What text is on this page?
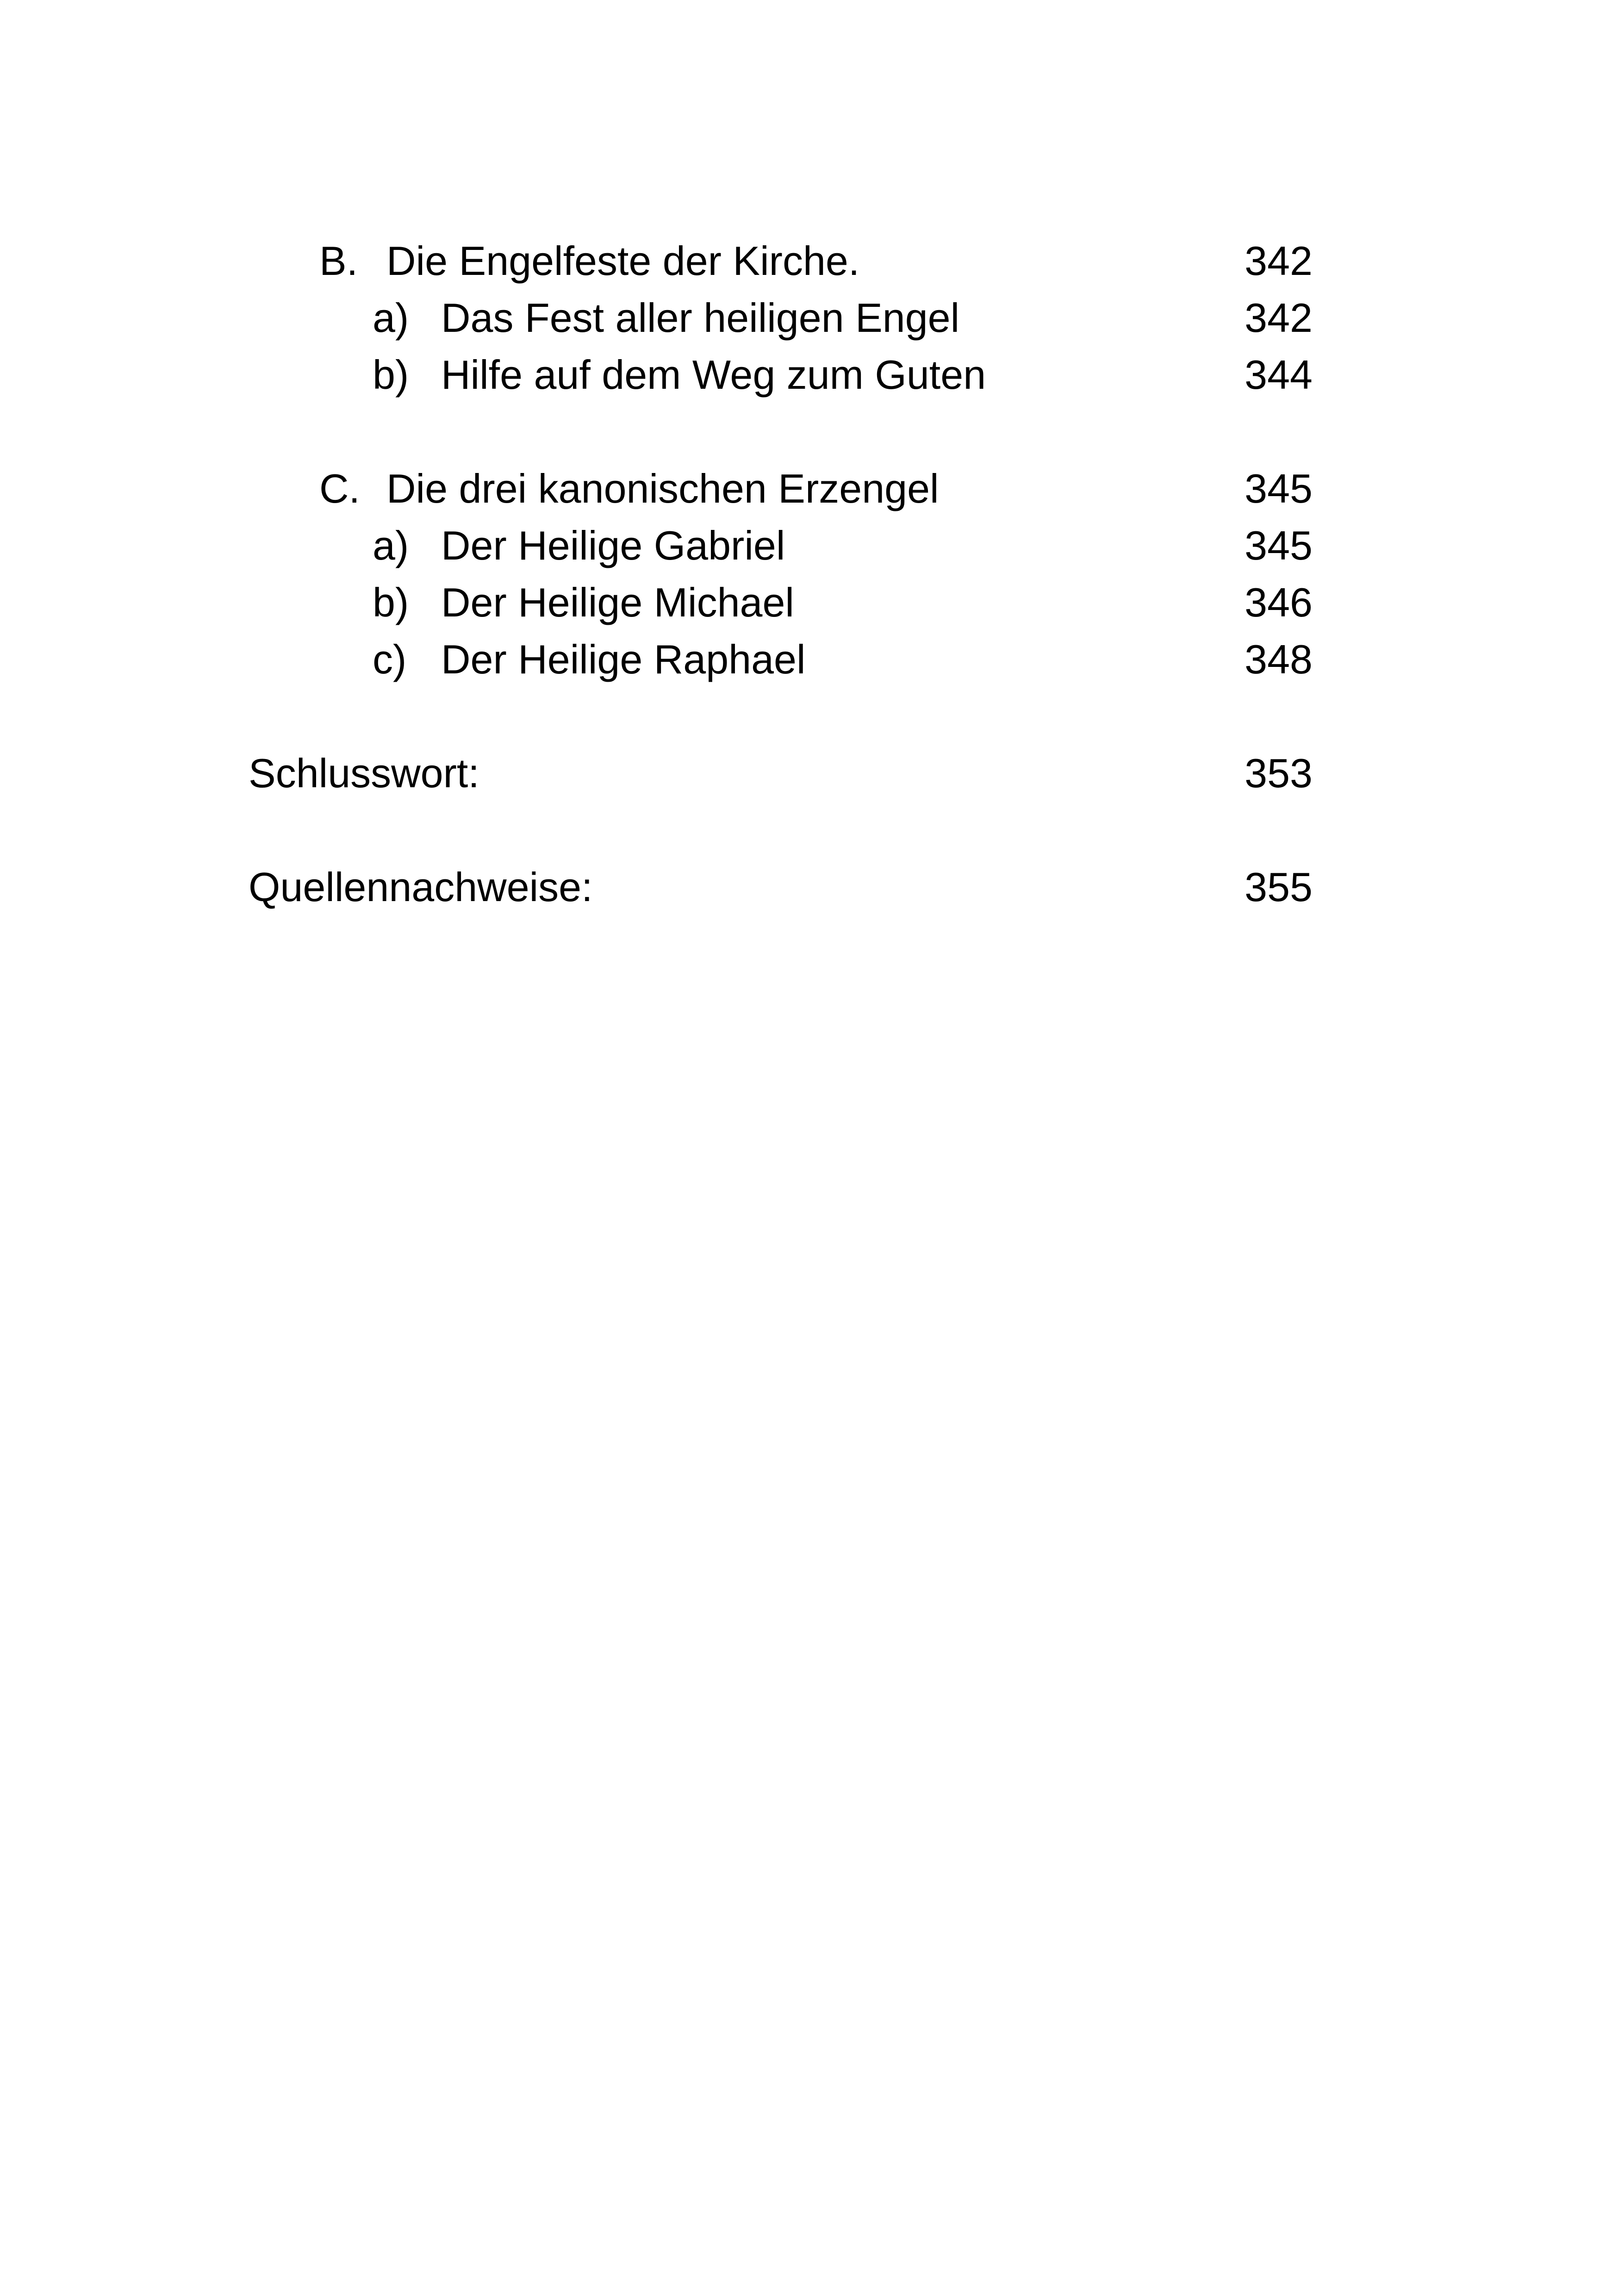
B. Die Engelfeste der Kirche.	342
a) Das Fest aller heiligen Engel	342
b) Hilfe auf dem Weg zum Guten	344
C. Die drei kanonischen Erzengel	345
a) Der Heilige Gabriel	345
b) Der Heilige Michael	346
c) Der Heilige Raphael	348
Schlusswort:	353
Quellennachweise:	355
